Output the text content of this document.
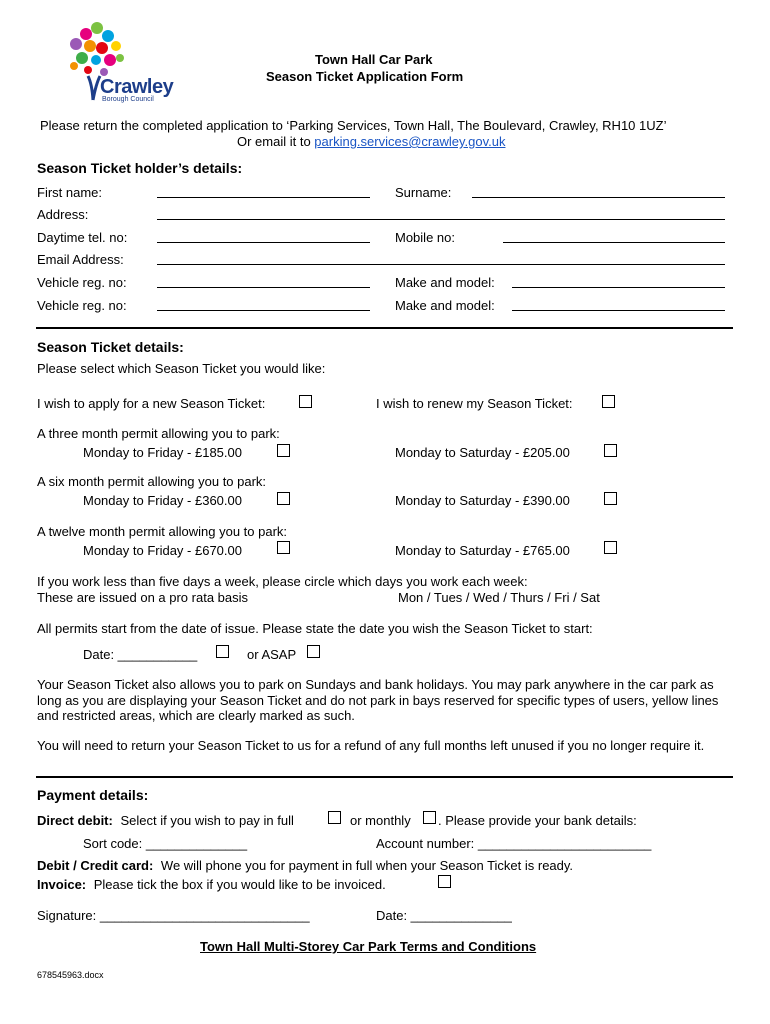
Crawley
Borough Council
Town Hall Car Park
Season Ticket Application Form
Please return the completed application to ‘Parking Services, Town Hall, The Boulevard, Crawley, RH10 1UZ’
Or email it to parking.services@crawley.gov.uk
Season Ticket holder’s details:
First name:	Surname:
Address:
Daytime tel. no:	Mobile no:
Email Address:
Vehicle reg. no:	Make and model:
Vehicle reg. no:	Make and model:
Season Ticket details:
Please select which Season Ticket you would like:
I wish to apply for a new Season Ticket:	I wish to renew my Season Ticket:
A three month permit allowing you to park:
Monday to Friday - £185.00	Monday to Saturday - £205.00
A six month permit allowing you to park:
Monday to Friday - £360.00	Monday to Saturday - £390.00
A twelve month permit allowing you to park:
Monday to Friday - £670.00	Monday to Saturday - £765.00
If you work less than five days a week, please circle which days you work each week:
These are issued on a pro rata basis	Mon / Tues / Wed / Thurs / Fri / Sat
All permits start from the date of issue. Please state the date you wish the Season Ticket to start:
Date: ___________	or ASAP
Your Season Ticket also allows you to park on Sundays and bank holidays. You may park anywhere in the car park as long as you are displaying your Season Ticket and do not park in bays reserved for specific types of users, yellow lines and restricted areas, which are clearly marked as such.
You will need to return your Season Ticket to us for a refund of any full months left unused if you no longer require it.
Payment details:
Direct debit: Select if you wish to pay in full	or monthly . Please provide your bank details:
Sort code: ______________	Account number: ________________________
Debit / Credit card: We will phone you for payment in full when your Season Ticket is ready.
Invoice: Please tick the box if you would like to be invoiced.
Signature: _____________________________	Date: ______________
Town Hall Multi-Storey Car Park Terms and Conditions
678545963.docx
